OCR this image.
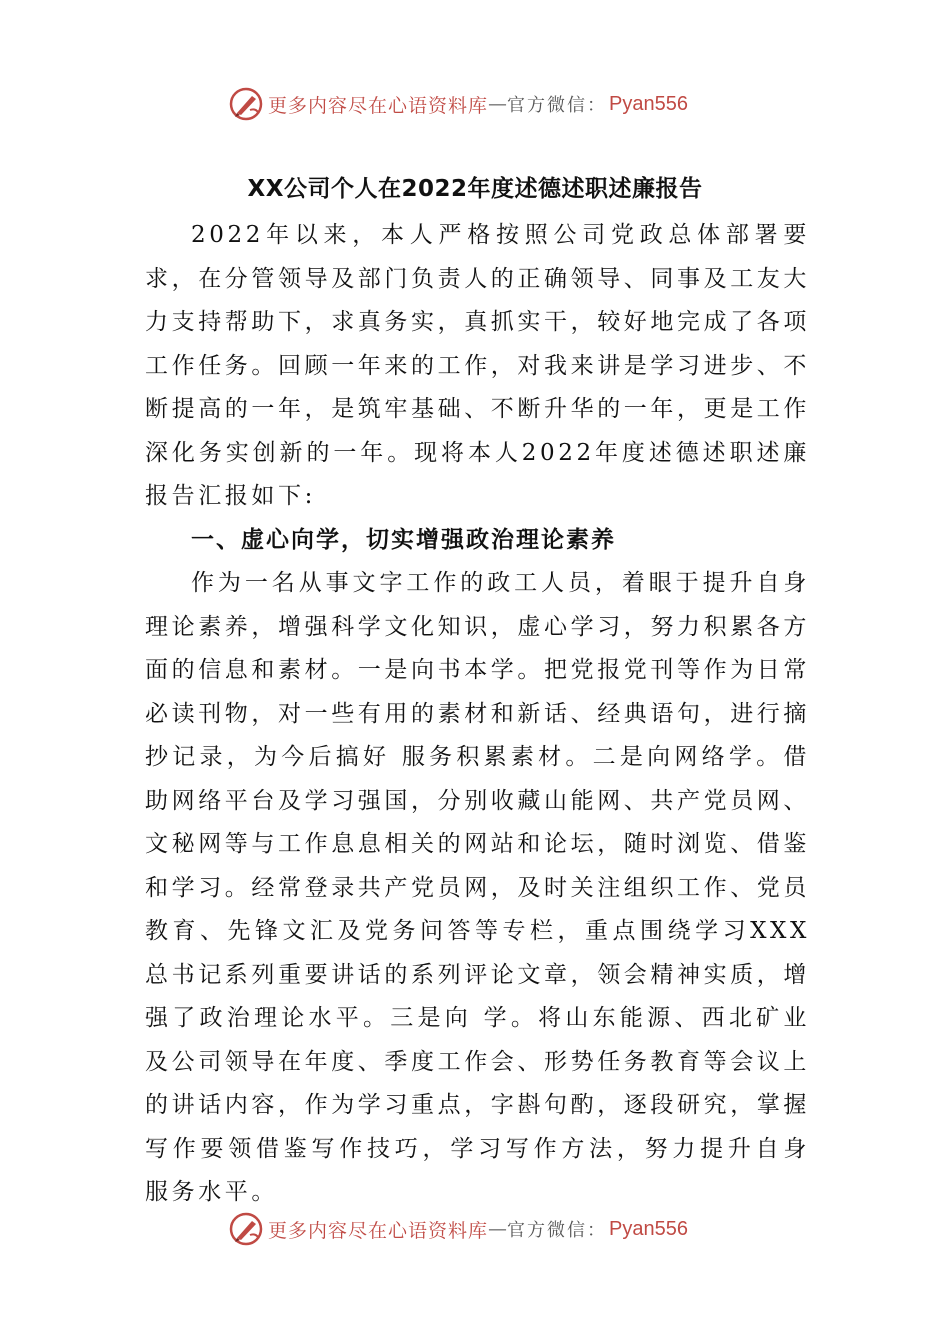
更多内容尽在心语资料库 — 官方微信： Pyan556
XX公司个人在2022年度述德述职述廉报告

2022年以来，本人严格按照公司党政总体部署要求，在分管领导及部门负责人的正确领导、同事及工友大力支持帮助下，求真务实，真抓实干，较好地完成了各项工作任务。回顾一年来的工作，对我来讲是学习进步、不断提高的一年，是筑牢基础、不断升华的一年，更是工作深化务实创新的一年。现将本人2022年度述德述职述廉报告汇报如下:

一、虚心向学，切实增强政治理论素养

作为一名从事文字工作的政工人员，着眼于提升自身理论素养，增强科学文化知识，虚心学习，努力积累各方面的信息和素材。一是向书本学。把党报党刊等作为日常必读刊物，对一些有用的素材和新话、经典语句，进行摘抄记录，为今后搞好 服务积累素材。二是向网络学。借助网络平台及学习强国，分别收藏山能网、共产党员网、文秘网等与工作息息相关的网站和论坛，随时浏览、借鉴和学习。经常登录共产党员网，及时关注组织工作、党员教育、先锋文汇及党务问答等专栏，重点围绕学习XXX总书记系列重要讲话的系列评论文章，领会精神实质，增强了政治理论水平。三是向 学。将山东能源、西北矿业及公司领导在年度、季度工作会、形势任务教育等会议上的讲话内容，作为学习重点，字斟句酌，逐段研究，掌握写作要领借鉴写作技巧，学习写作方法，努力提升自身 服务水平。

更多内容尽在心语资料库 — 官方微信： Pyan556
